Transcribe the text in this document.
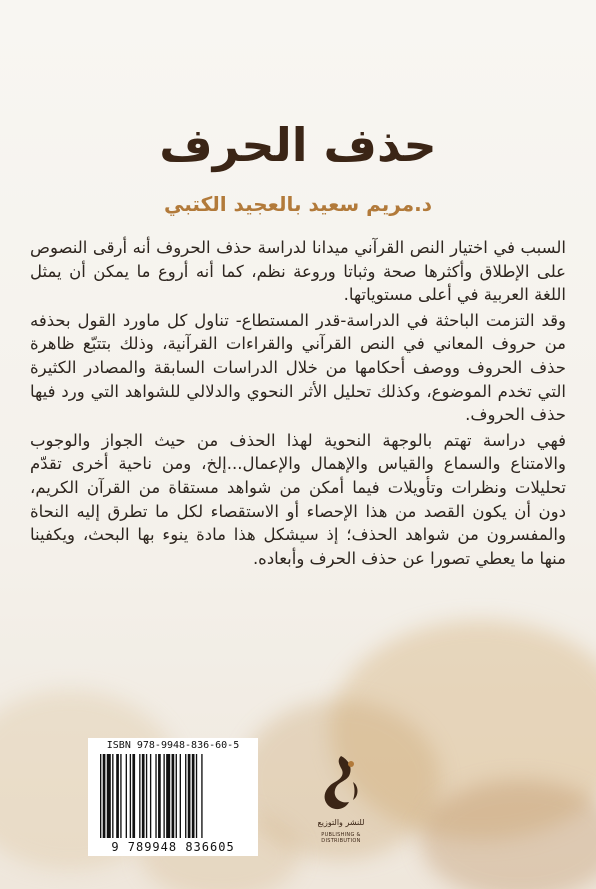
حذف الحرف
د.مريم سعيد بالعجيد الكتبي

السبب في اختيار النص القرآني ميدانا لدراسة حذف الحروف أنه أرقى النصوص على الإطلاق وأكثرها صحة وثباتا وروعة نظم، كما أنه أروع ما يمكن أن يمثل اللغة العربية في أعلى مستوياتها.

وقد التزمت الباحثة في الدراسة-قدر المستطاع- تناول كل ماورد القول بحذفه من حروف المعاني في النص القرآني والقراءات القرآنية، وذلك بتتبّع ظاهرة حذف الحروف ووصف أحكامها من خلال الدراسات السابقة والمصادر الكثيرة التي تخدم الموضوع، وكذلك تحليل الأثر النحوي والدلالي للشواهد التي ورد فيها حذف الحروف.

فهي دراسة تهتم بالوجهة النحوية لهذا الحذف من حيث الجواز والوجوب والامتناع والسماع والقياس والإهمال والإعمال...إلخ، ومن ناحية أخرى تقدّم تحليلات ونظرات وتأويلات فيما أمكن من شواهد مستقاة من القرآن الكريم، دون أن يكون القصد من هذا الإحصاء أو الاستقصاء لكل ما تطرق إليه النحاة والمفسرون من شواهد الحذف؛ إذ سيشكل هذا مادة ينوء بها البحث، ويكفينا منها ما يعطي تصورا عن حذف الحرف وأبعاده.

ISBN 978-9948-836-60-5
9 789948 836605
للنشر والتوزيع
PUBLISHING & DISTRIBUTION
